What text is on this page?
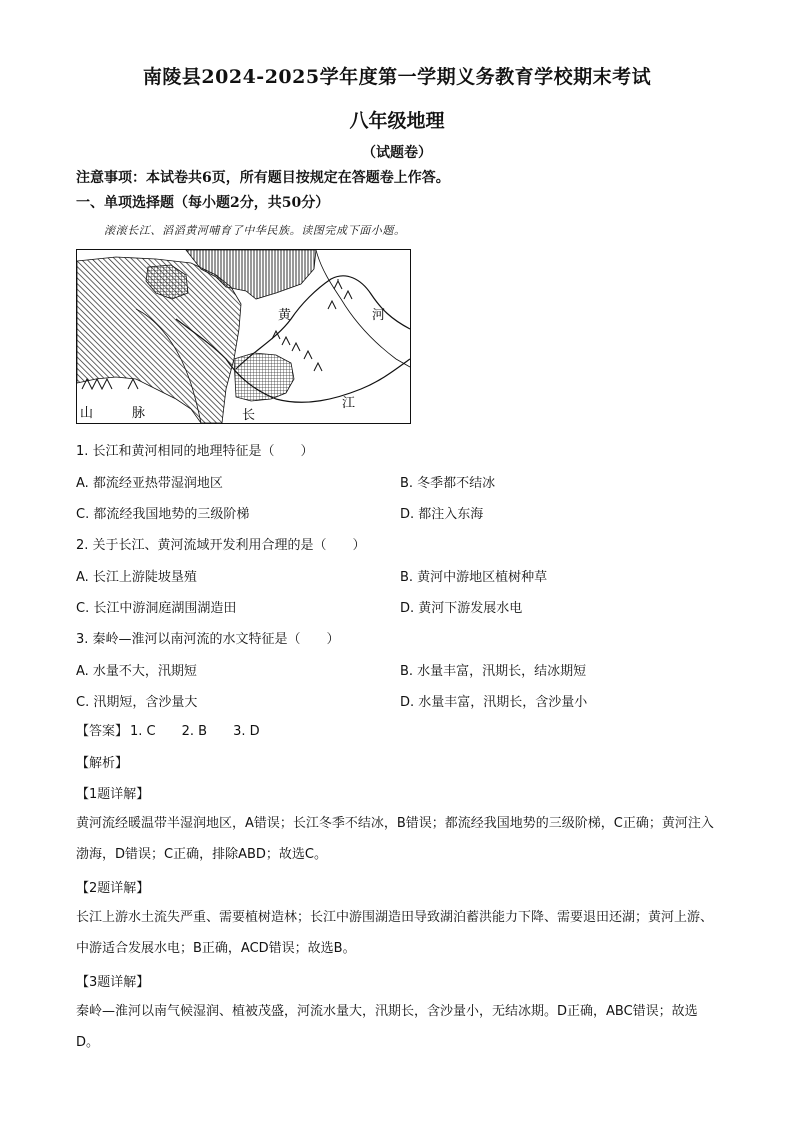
南陵县2024-2025学年度第一学期义务教育学校期末考试
八年级地理
（试题卷）
注意事项：本试卷共6页，所有题目按规定在答题卷上作答。
一、单项选择题（每小题2分，共50分）
滚滚长江、滔滔黄河哺育了中华民族。读图完成下面小题。
黄	河
江
长
山	脉
1. 长江和黄河相同的地理特征是（　　）
A. 都流经亚热带湿润地区	B. 冬季都不结冰
C. 都流经我国地势的三级阶梯	D. 都注入东海
2. 关于长江、黄河流域开发利用合理的是（　　）
A. 长江上游陡坡垦殖	B. 黄河中游地区植树种草
C. 长江中游洞庭湖围湖造田	D. 黄河下游发展水电
3. 秦岭—淮河以南河流的水文特征是（　　）
A. 水量不大，汛期短	B. 水量丰富，汛期长，结冰期短
C. 汛期短，含沙量大	D. 水量丰富，汛期长，含沙量小
【答案】 1. C 2. B 3. D
【解析】
【1题详解】
黄河流经暖温带半湿润地区，A错误；长江冬季不结冰，B错误；都流经我国地势的三级阶梯，C正确；黄河注入渤海，D错误；C正确，排除ABD；故选C。
【2题详解】
长江上游水土流失严重、需要植树造林；长江中游围湖造田导致湖泊蓄洪能力下降、需要退田还湖；黄河上游、中游适合发展水电；B正确，ACD错误；故选B。
【3题详解】
秦岭—淮河以南气候湿润、植被茂盛，河流水量大，汛期长，含沙量小，无结冰期。D正确，ABC错误；故选D。
